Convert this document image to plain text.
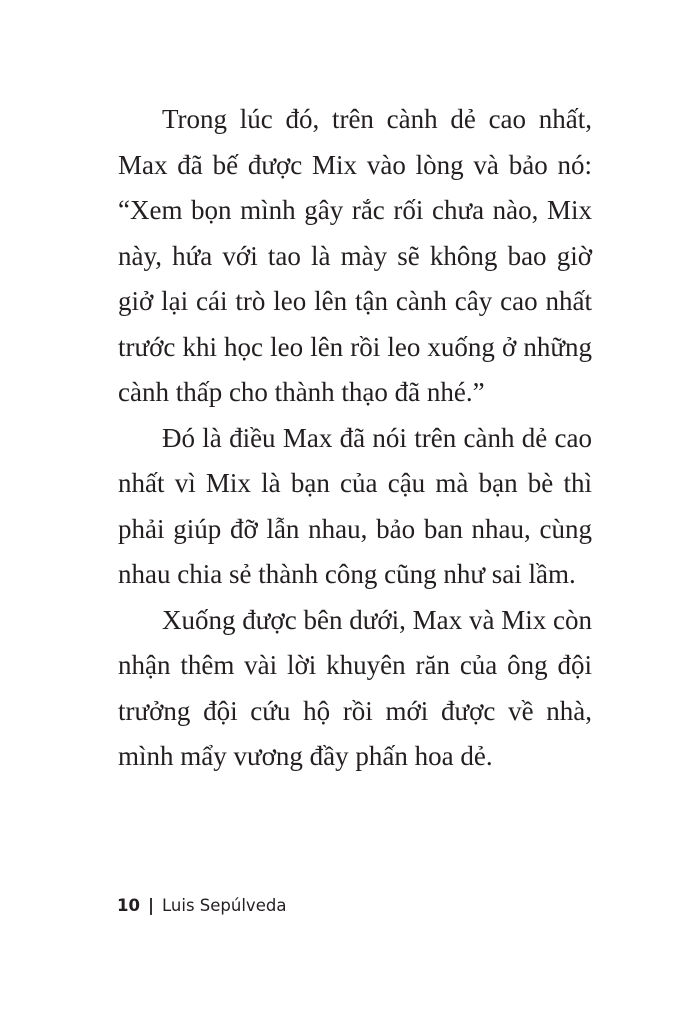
Trong lúc đó, trên cành dẻ cao nhất, Max đã bế được Mix vào lòng và bảo nó: “Xem bọn mình gây rắc rối chưa nào, Mix này, hứa với tao là mày sẽ không bao giờ giở lại cái trò leo lên tận cành cây cao nhất trước khi học leo lên rồi leo xuống ở những cành thấp cho thành thạo đã nhé.”

Đó là điều Max đã nói trên cành dẻ cao nhất vì Mix là bạn của cậu mà bạn bè thì phải giúp đỡ lẫn nhau, bảo ban nhau, cùng nhau chia sẻ thành công cũng như sai lầm.

Xuống được bên dưới, Max và Mix còn nhận thêm vài lời khuyên răn của ông đội trưởng đội cứu hộ rồi mới được về nhà, mình mẩy vương đầy phấn hoa dẻ.

10 | Luis Sepúlveda
